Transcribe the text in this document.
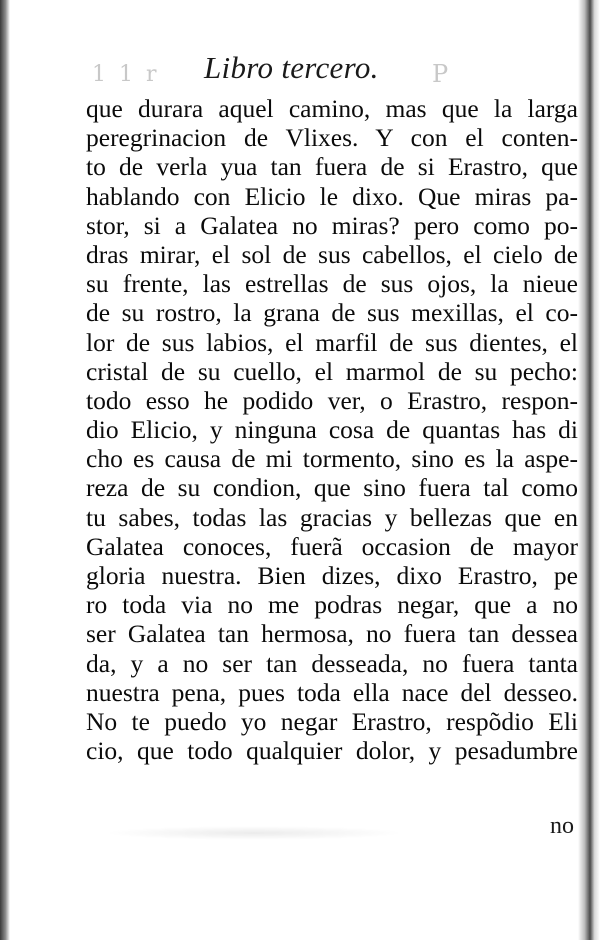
1 1 r	P
Libro tercero.
que durara aquel camino, mas que la larga
peregrinacion de Vlixes. Y con el conten-
to de verla yua tan fuera de si Erastro, que
hablando con Elicio le dixo. Que miras pa-
stor, si a Galatea no miras? pero como po-
dras mirar, el sol de sus cabellos, el cielo de
su frente, las estrellas de sus ojos, la nieue
de su rostro, la grana de sus mexillas, el co-
lor de sus labios, el marfil de sus dientes, el
cristal de su cuello, el marmol de su pecho:
todo esso he podido ver, o Erastro, respon-
dio Elicio, y ninguna cosa de quantas has di
cho es causa de mi tormento, sino es la aspe-
reza de su condion, que sino fuera tal como
tu sabes, todas las gracias y bellezas que en
Galatea conoces, fuerã occasion de mayor
gloria nuestra. Bien dizes, dixo Erastro, pe
ro toda via no me podras negar, que a no
ser Galatea tan hermosa, no fuera tan dessea
da, y a no ser tan desseada, no fuera tanta
nuestra pena, pues toda ella nace del desseo.
No te puedo yo negar Erastro, respõdio Eli
cio, que todo qualquier dolor, y pesadumbre
no
